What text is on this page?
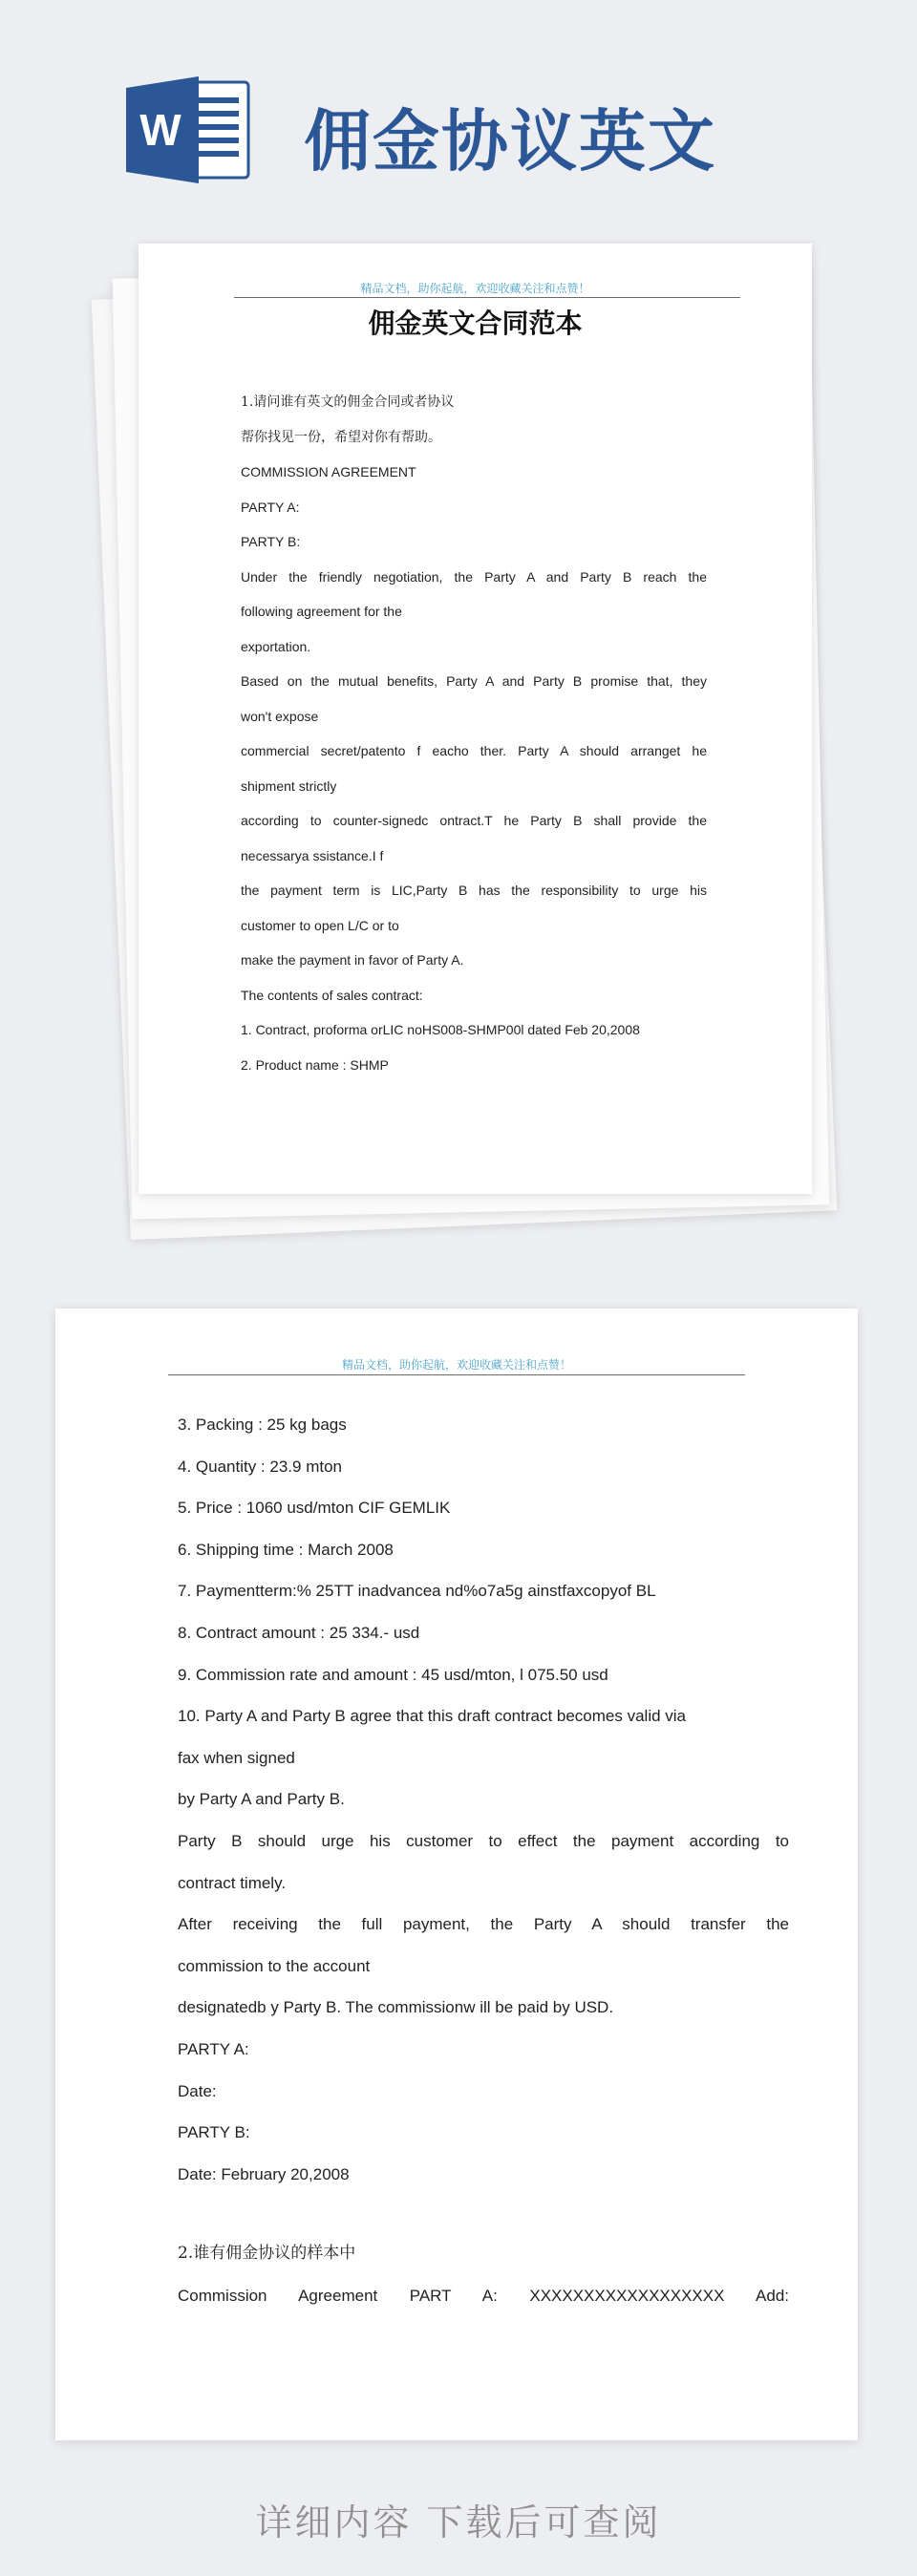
W 佣金协议英文
精品文档，助你起航，欢迎收藏关注和点赞！
佣金英文合同范本
1.请问谁有英文的佣金合同或者协议
帮你找见一份，希望对你有帮助。
COMMISSION AGREEMENT
PARTY A:
PARTY B:
Under the friendly negotiation, the Party A and Party B reach the
following agreement for the
exportation.
Based on the mutual benefits, Party A and Party B promise that, they
won't expose
commercial secret/patento f eacho ther. Party A should arranget he
shipment strictly
according to counter-signedc ontract.T he Party B shall provide the
necessarya ssistance.I f
the payment term is LIC,Party B has the responsibility to urge his
customer to open L/C or to
make the payment in favor of Party A.
The contents of sales contract:
1. Contract, proforma orLIC noHS008-SHMP00l dated Feb 20,2008
2. Product name : SHMP
精品文档，助你起航，欢迎收藏关注和点赞！
3. Packing : 25 kg bags
4. Quantity : 23.9 mton
5. Price : 1060 usd/mton CIF GEMLIK
6. Shipping time : March 2008
7. Paymentterm:% 25TT inadvancea nd%o7a5g ainstfaxcopyof BL
8. Contract amount : 25 334.- usd
9. Commission rate and amount : 45 usd/mton, l 075.50 usd
10. Party A and Party B agree that this draft contract becomes valid via
fax when signed
by Party A and Party B.
Party B should urge his customer to effect the payment according to
contract timely.
After receiving the full payment, the Party A should transfer the
commission to the account
designatedb y Party B. The commissionw ill be paid by USD.
PARTY A:
Date:
PARTY B:
Date: February 20,2008
2.谁有佣金协议的样本中
Commission Agreement PART A: XXXXXXXXXXXXXXXXXX Add:
详细内容 下载后可查阅
